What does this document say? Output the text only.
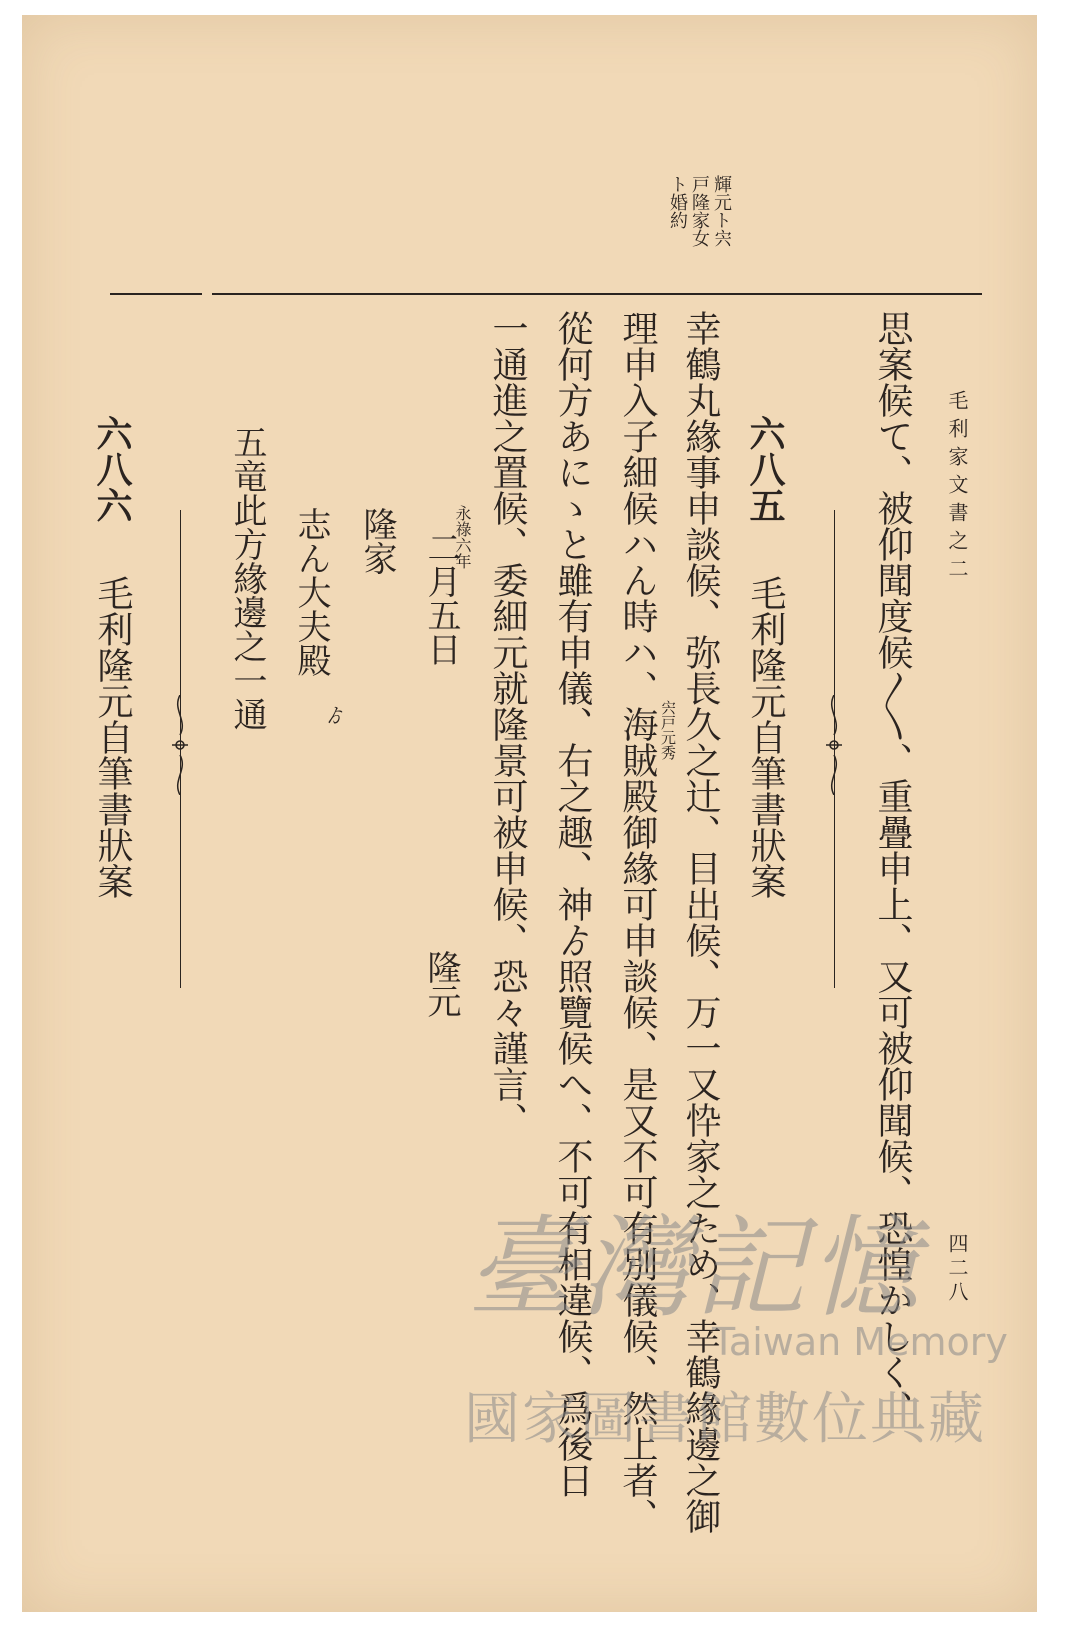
毛利家文書之二
四二八
輝元ト宍
戸隆家女
ト婚約
思案候て、被仰聞度候〳〵、重疊申上、又可被仰聞候、恐惶かしく、
六八五
毛利隆元自筆書狀案
幸鶴丸緣事申談候、弥長久之辻、目出候、万一又忰家之ため、幸鶴緣邊之御
理申入子細候ハん時ハ、海賊殿御緣可申談候、是又不可有別儀候、然上者、 宍戸元秀
從何方あにゝと雖有申儀、右之趣、神ゟ照覽候へ、不可有相違候、爲後日
一通進之置候、委細元就隆景可被申候、恐々謹言、
永祿六年
二月五日
隆元
隆家
志ん大夫殿
ゟ
五竜此方緣邊之一通
六八六
毛利隆元自筆書狀案
臺灣記憶
Taiwan Memory
國家圖書館數位典藏
